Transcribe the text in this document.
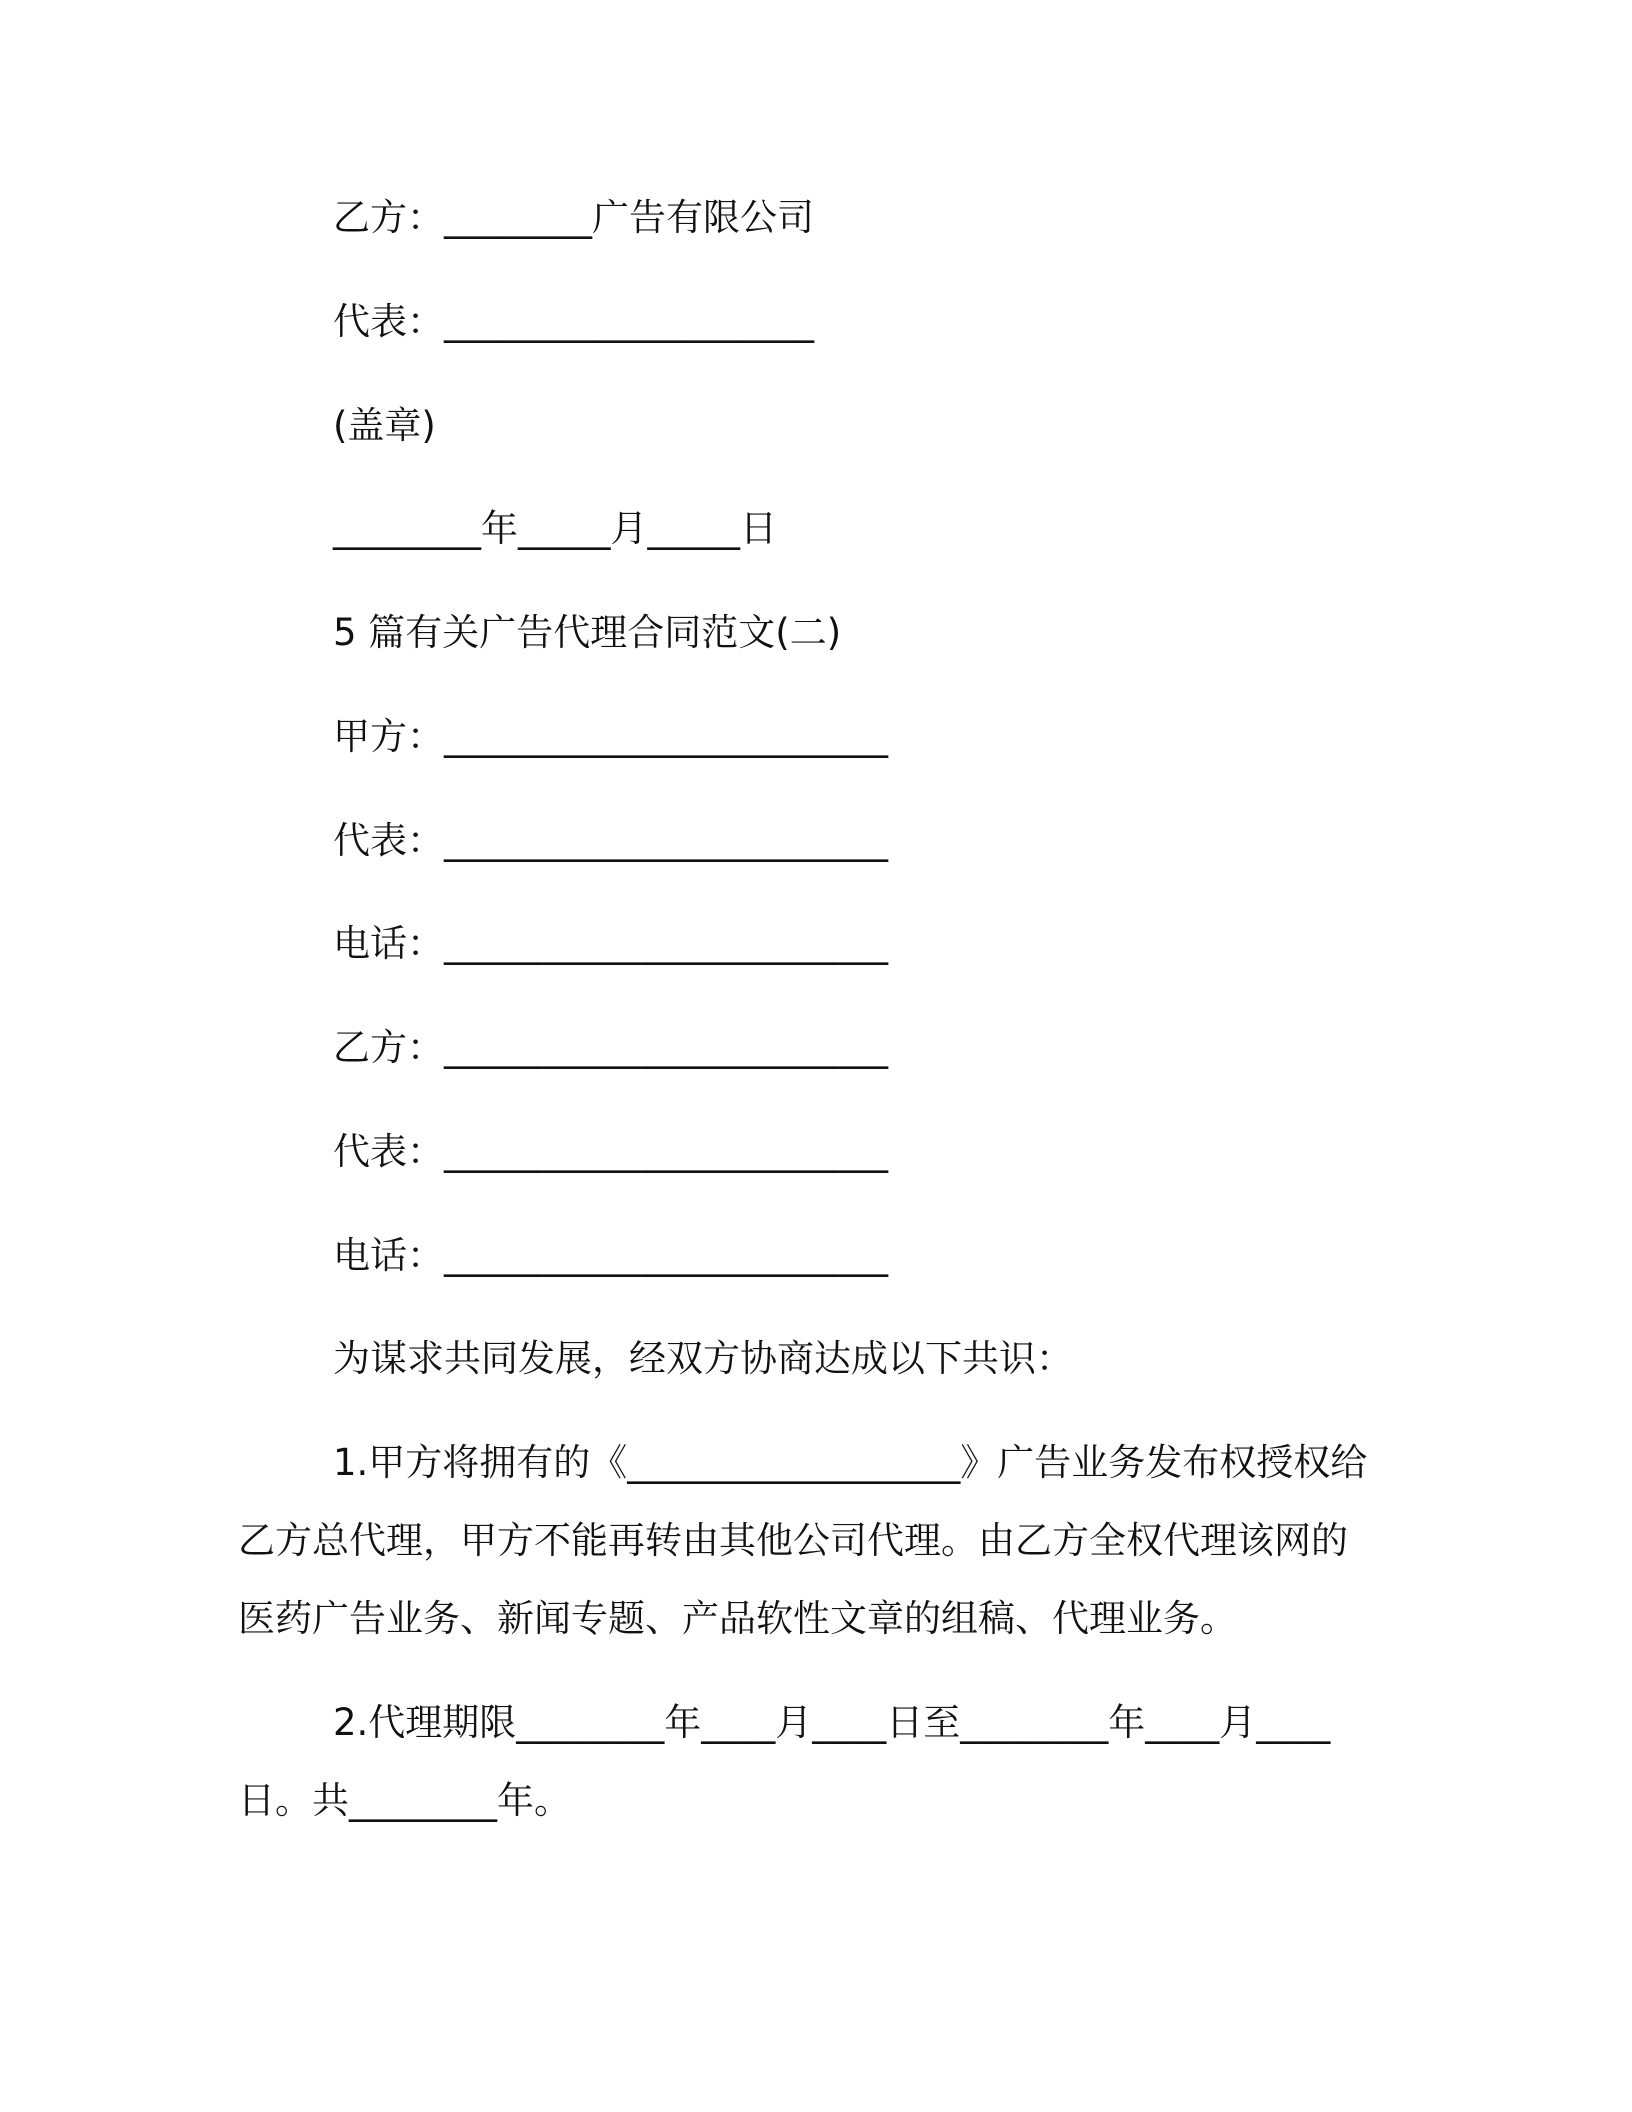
乙方：________广告有限公司

代表：____________________

(盖章)

________年_____月_____日

5 篇有关广告代理合同范文(二)

甲方：________________________

代表：________________________

电话：________________________

乙方：________________________

代表：________________________

电话：________________________

为谋求共同发展，经双方协商达成以下共识：

1.甲方将拥有的《__________________》广告业务发布权授权给乙方总代理，甲方不能再转由其他公司代理。由乙方全权代理该网的医药广告业务、新闻专题、产品软性文章的组稿、代理业务。

2.代理期限________年____月____日至________年____月____日。共________年。
